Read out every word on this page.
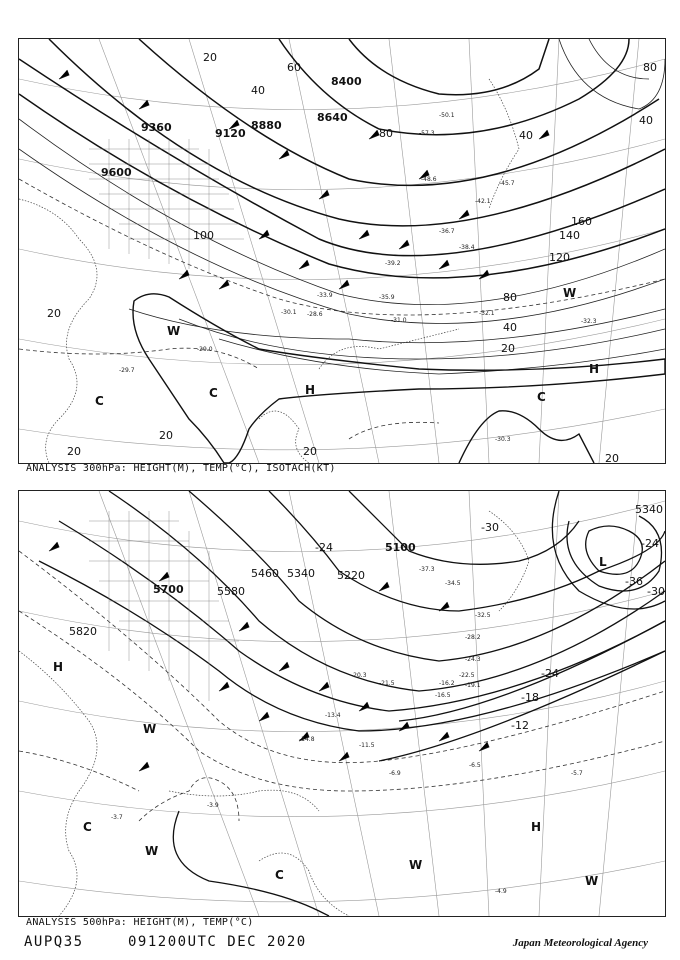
9360	9120
8880
8640
9600
8400
20
40
60
80
100
120
140
160
80
40
20
20
20
20	20
40
80
40
20
H
C
C	C
W
W
H
-50.1
-57.3
-48.6
-45.7
-36.7
-38.4
-39.2
-35.9
-32.1
-32.3
-30.3
-29.7
-28.6
-29.0
-30.1
-42.1
-31.0
-33.9
ANALYSIS 300hPa: HEIGHT(M), TEMP(°C), ISOTACH(KT)
5700	5580
5460 5340 5220
5100
5820
5340
-36
-30
-24
-24
-18
-12
-30
-24
H
L
H
W
W
W
C
C
W
-37.3
-34.5
-32.5
-24.3
-19.1
-16.5
-13.4
-11.5
-6.9
-6.5
-5.7
-4.9
-3.9
-3.7
-16.2
-20.3
-28.2
-21.5
-22.5
-14.8
ANALYSIS 500hPa: HEIGHT(M), TEMP(°C)
AUPQ35	091200UTC DEC 2020	Japan Meteorological Agency
